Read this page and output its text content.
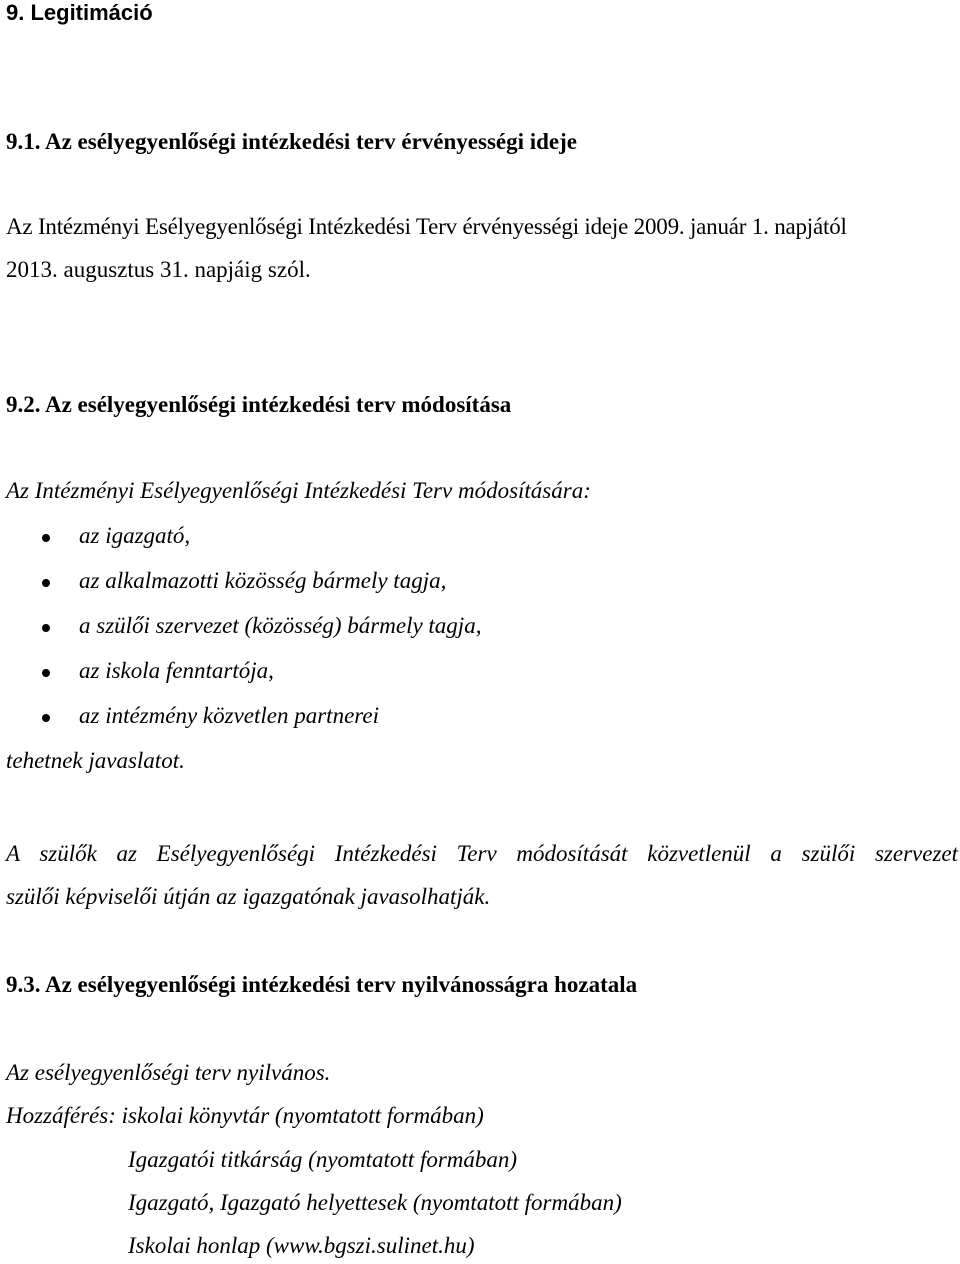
9. Legitimáció
9.1. Az esélyegyenlőségi intézkedési terv érvényességi ideje
Az Intézményi Esélyegyenlőségi Intézkedési Terv érvényességi ideje 2009. január 1. napjától
2013. augusztus 31. napjáig szól.
9.2. Az esélyegyenlőségi intézkedési terv módosítása
Az Intézményi Esélyegyenlőségi Intézkedési Terv módosítására:
az igazgató,
az alkalmazotti közösség bármely tagja,
a szülői szervezet (közösség) bármely tagja,
az iskola fenntartója,
az intézmény közvetlen partnerei
tehetnek javaslatot.
A szülők az Esélyegyenlőségi Intézkedési Terv módosítását közvetlenül a szülői szervezet
szülői képviselői útján az igazgatónak javasolhatják.
9.3. Az esélyegyenlőségi intézkedési terv nyilvánosságra hozatala
Az esélyegyenlőségi terv nyilvános.
Hozzáférés: iskolai könyvtár (nyomtatott formában)
Igazgatói titkárság (nyomtatott formában)
Igazgató, Igazgató helyettesek (nyomtatott formában)
Iskolai honlap (www.bgszi.sulinet.hu)
